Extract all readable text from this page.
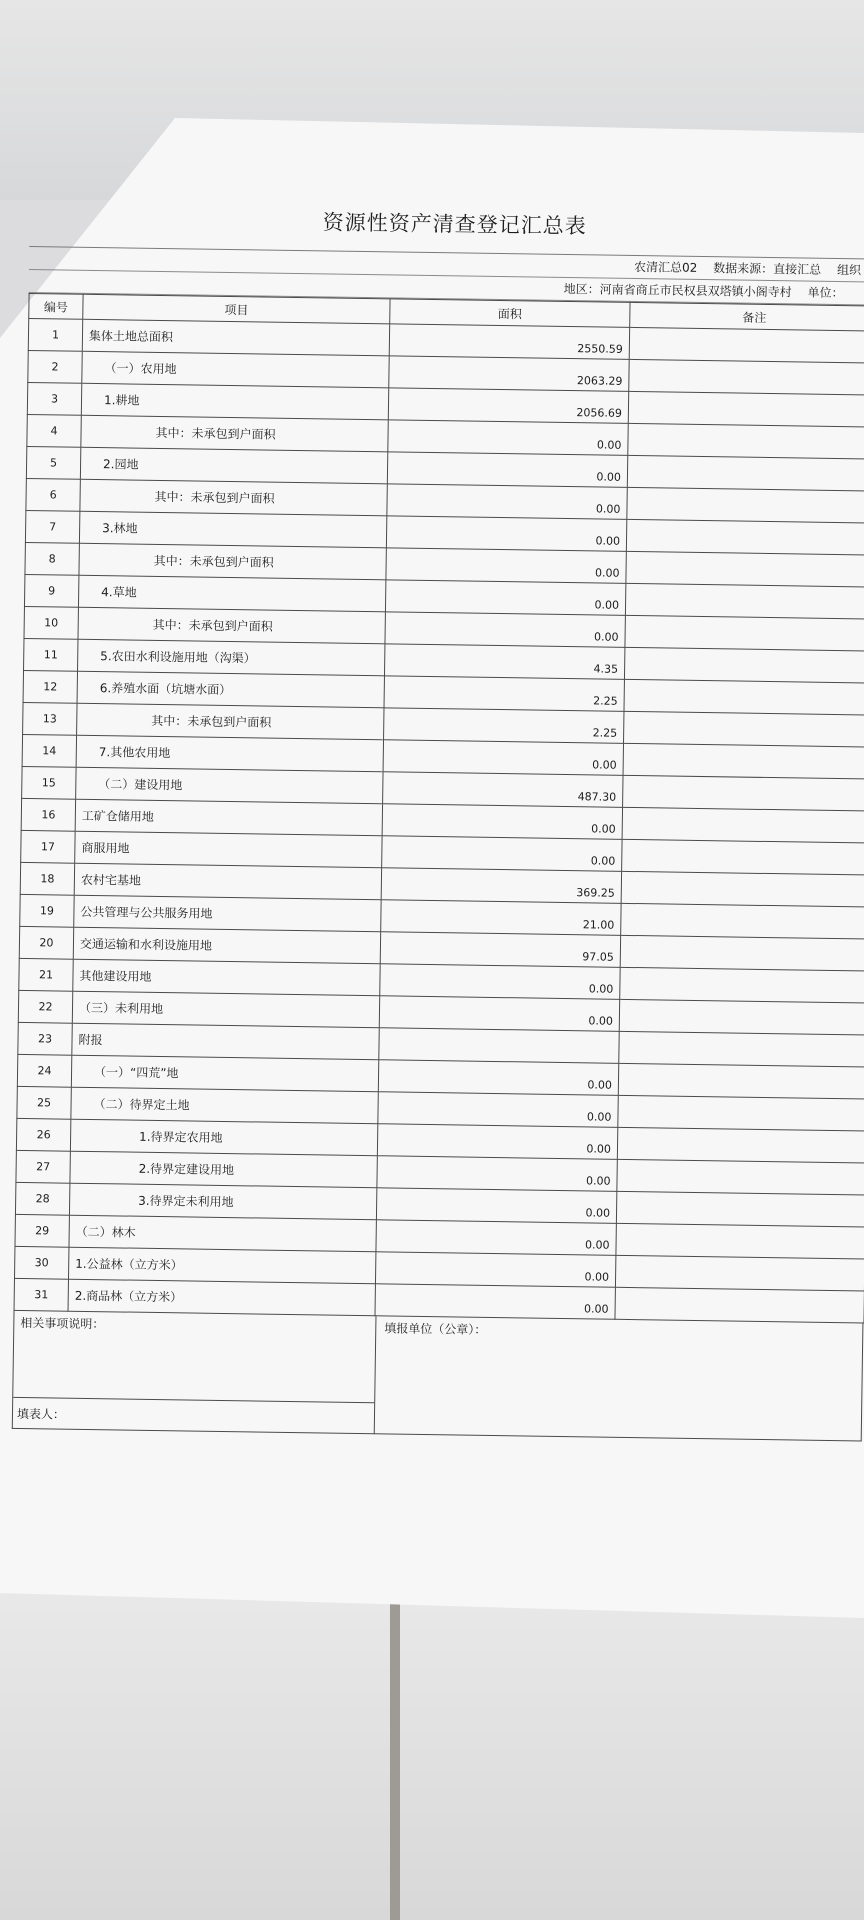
资源性资产清查登记汇总表
农清汇总02 数据来源：直接汇总 组织
地区：河南省商丘市民权县双塔镇小阁寺村 单位：
编号	项目	面积	备注
1	集体土地总面积	2550.59	
2	（一）农用地	2063.29	
3	1.耕地	2056.69	
4	其中：未承包到户面积	0.00	
5	2.园地	0.00	
6	其中：未承包到户面积	0.00	
7	3.林地	0.00	
8	其中：未承包到户面积	0.00	
9	4.草地	0.00	
10	其中：未承包到户面积	0.00	
11	5.农田水利设施用地（沟渠）	4.35	
12	6.养殖水面（坑塘水面）	2.25	
13	其中：未承包到户面积	2.25	
14	7.其他农用地	0.00	
15	（二）建设用地	487.30	
16	工矿仓储用地	0.00	
17	商服用地	0.00	
18	农村宅基地	369.25	
19	公共管理与公共服务用地	21.00	
20	交通运输和水利设施用地	97.05	
21	其他建设用地	0.00	
22	（三）未利用地	0.00	
23	附报		
24	（一）“四荒”地	0.00	
25	（二）待界定土地	0.00	
26	1.待界定农用地	0.00	
27	2.待界定建设用地	0.00	
28	3.待界定未利用地	0.00	
29	（二）林木	0.00	
30	1.公益林（立方米）	0.00	
31	2.商品林（立方米）	0.00	
相关事项说明：
填表人：
填报单位（公章）：
